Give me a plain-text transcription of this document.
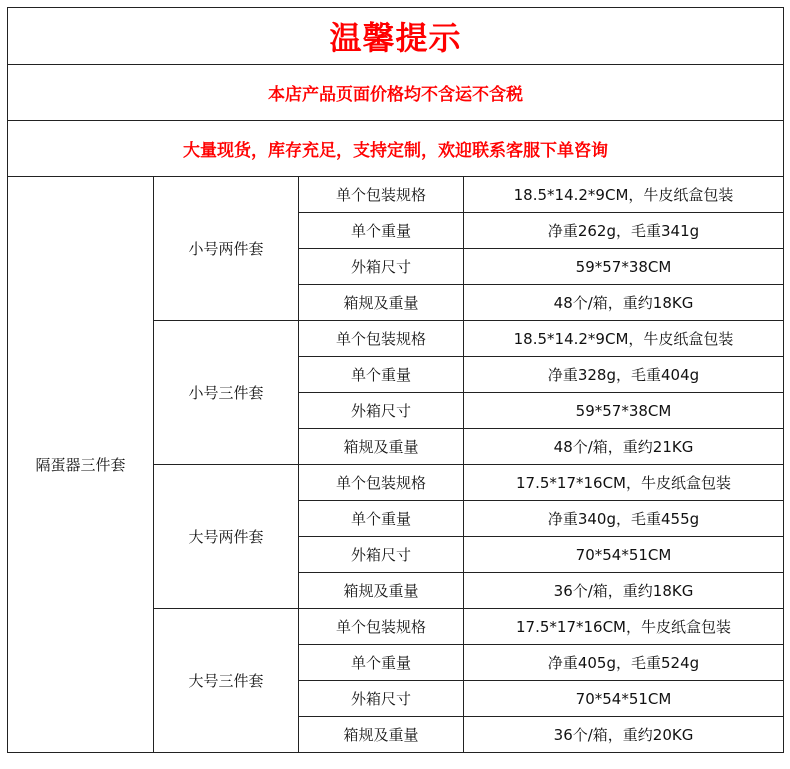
温馨提示			
本店产品页面价格均不含运不含税			
大量现货，库存充足，支持定制，欢迎联系客服下单咨询			
隔蛋器三件套	小号两件套	单个包装规格	18.5*14.2*9CM，牛皮纸盒包装
		单个重量	净重262g，毛重341g
		外箱尺寸	59*57*38CM
		箱规及重量	48个/箱，重约18KG
	小号三件套	单个包装规格	18.5*14.2*9CM，牛皮纸盒包装
		单个重量	净重328g，毛重404g
		外箱尺寸	59*57*38CM
		箱规及重量	48个/箱，重约21KG
	大号两件套	单个包装规格	17.5*17*16CM，牛皮纸盒包装
		单个重量	净重340g，毛重455g
		外箱尺寸	70*54*51CM
		箱规及重量	36个/箱，重约18KG
	大号三件套	单个包装规格	17.5*17*16CM，牛皮纸盒包装
		单个重量	净重405g，毛重524g
		外箱尺寸	70*54*51CM
		箱规及重量	36个/箱，重约20KG
